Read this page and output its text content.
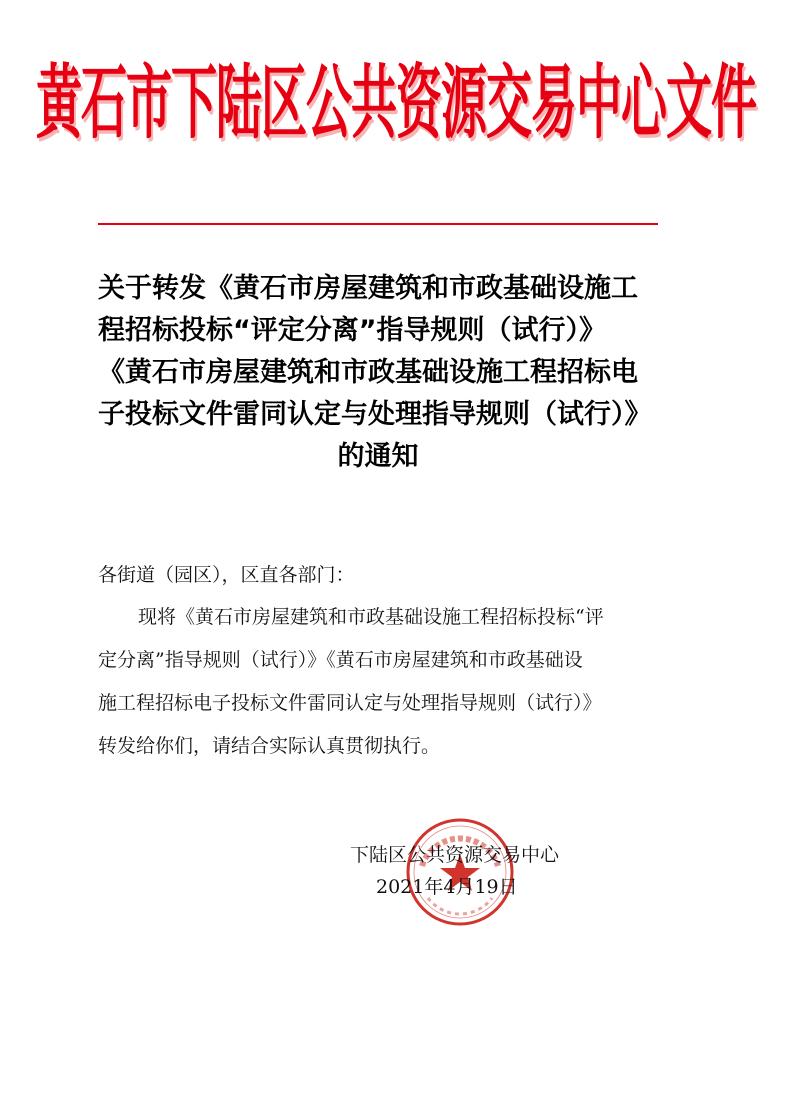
黄石市下陆区公共资源交易中心文件
关于转发《黄石市房屋建筑和市政基础设施工
程招标投标“评定分离”指导规则（试行）》
《黄石市房屋建筑和市政基础设施工程招标电
子投标文件雷同认定与处理指导规则（试行）》
的通知
各街道（园区），区直各部门：
现将《黄石市房屋建筑和市政基础设施工程招标投标“评
定分离”指导规则（试行）》《黄石市房屋建筑和市政基础设
施工程招标电子投标文件雷同认定与处理指导规则（试行）》
转发给你们，请结合实际认真贯彻执行。
下陆区公共资源交易中心
2021年4月19日
